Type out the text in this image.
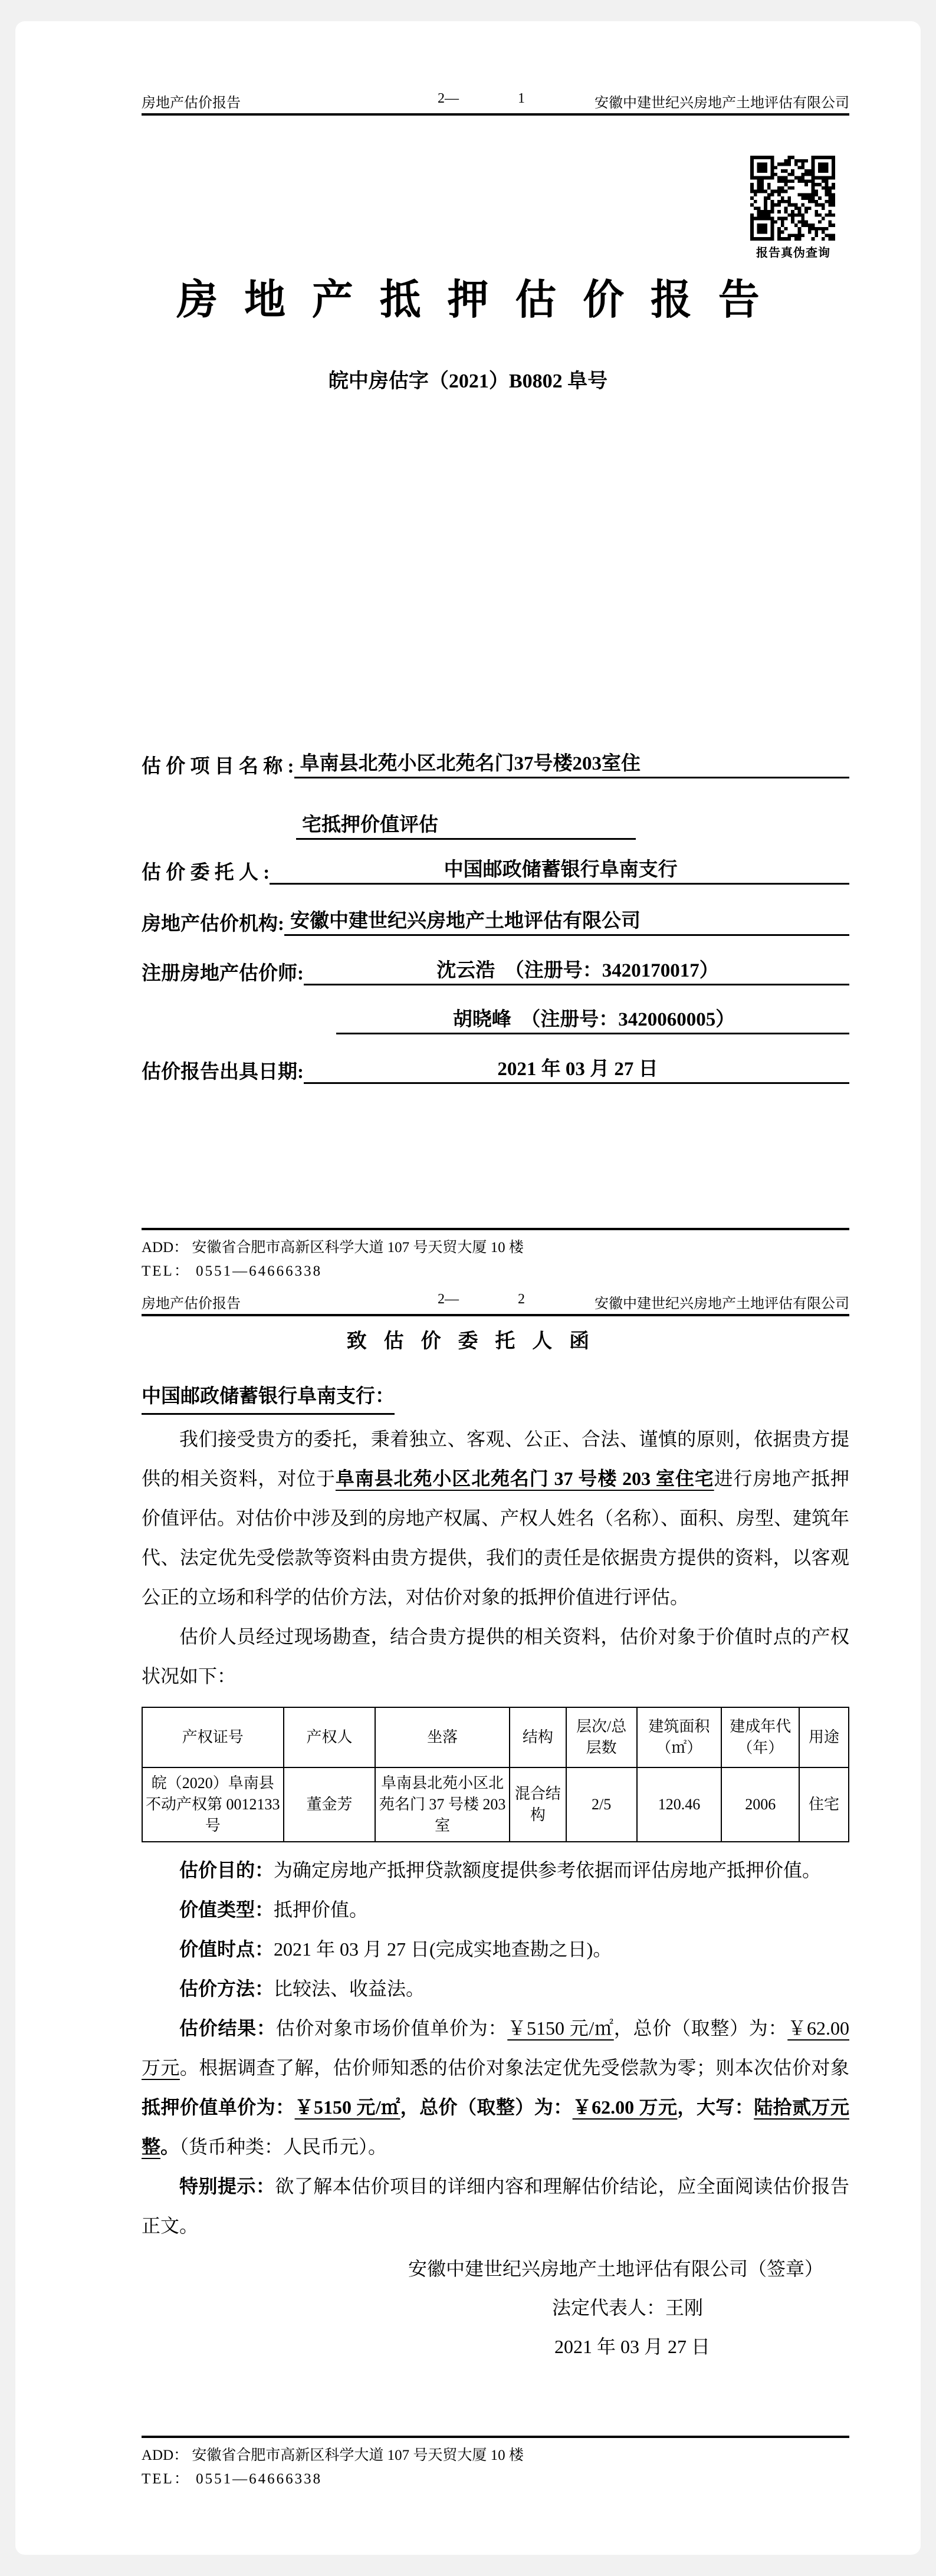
房地产估价报告	2—	1	安徽中建世纪兴房地产土地评估有限公司
报告真伪查询
房地产抵押估价报告
皖中房估字（2021）B0802 阜号
估 价 项 目 名 称 : 阜南县北苑小区北苑名门37号楼203室住
宅抵押价值评估
估 价 委 托 人 :	中国邮政储蓄银行阜南支行
房地产估价机构: 安徽中建世纪兴房地产土地评估有限公司
注册房地产估价师:	沈云浩　（注册号：3420170017）
胡晓峰　（注册号：3420060005）
估价报告出具日期:	2021 年 03 月 27 日
ADD： 安徽省合肥市高新区科学大道 107 号天贸大厦 10 楼
TEL： 0551—64666338
房地产估价报告	2—	2	安徽中建世纪兴房地产土地评估有限公司
致估价委托人函
中国邮政储蓄银行阜南支行：

我们接受贵方的委托，秉着独立、客观、公正、合法、谨慎的原则，依据贵方提供的相关资料，对位于阜南县北苑小区北苑名门 37 号楼 203 室住宅进行房地产抵押价值评估。对估价中涉及到的房地产权属、产权人姓名（名称）、面积、房型、建筑年代、法定优先受偿款等资料由贵方提供，我们的责任是依据贵方提供的资料，以客观公正的立场和科学的估价方法，对估价对象的抵押价值进行评估。

估价人员经过现场勘查，结合贵方提供的相关资料，估价对象于价值时点的产权状况如下：

产权证号	产权人	坐落	结构	层次/总层数	建筑面积（㎡）	建成年代（年）	用途
皖（2020）阜南县不动产权第 0012133 号	董金芳	阜南县北苑小区北苑名门 37 号楼 203 室	混合结构	2/5	120.46	2006	住宅

估价目的：为确定房地产抵押贷款额度提供参考依据而评估房地产抵押价值。

价值类型：抵押价值。

价值时点：2021 年 03 月 27 日(完成实地查勘之日)。

估价方法：比较法、收益法。

估价结果：估价对象市场价值单价为：￥5150 元/㎡，总价（取整）为：￥62.00 万元。根据调查了解，估价师知悉的估价对象法定优先受偿款为零；则本次估价对象抵押价值单价为：￥5150 元/㎡，总价（取整）为：￥62.00 万元，大写：陆拾贰万元整。（货币种类：人民币元）。

特别提示：欲了解本估价项目的详细内容和理解估价结论，应全面阅读估价报告正文。

安徽中建世纪兴房地产土地评估有限公司（签章）
法定代表人：王刚
2021 年 03 月 27 日
ADD： 安徽省合肥市高新区科学大道 107 号天贸大厦 10 楼
TEL： 0551—64666338
